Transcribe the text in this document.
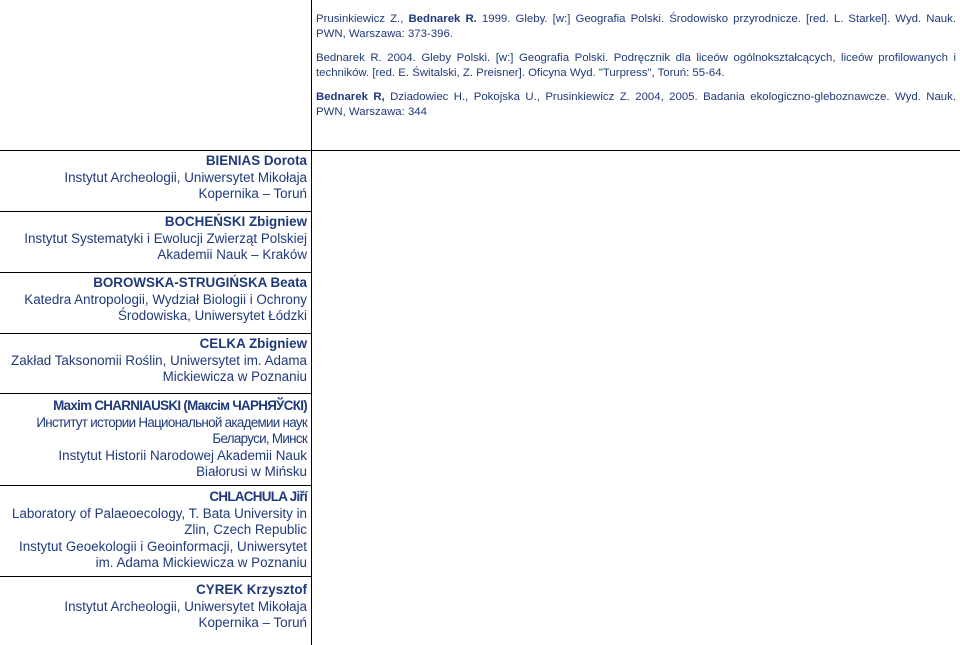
Prusinkiewicz Z., Bednarek R. 1999. Gleby. [w:] Geografia Polski. Środowisko przyrodnicze. [red. L. Starkel]. Wyd. Nauk. PWN, Warszawa: 373-396.

Bednarek R. 2004. Gleby Polski. [w:] Geografia Polski. Podręcznik dla liceów ogólnokształcących, liceów profilowanych i techników. [red. E. Świtalski, Z. Preisner]. Oficyna Wyd. "Turpress", Toruń: 55-64.

Bednarek R, Dziadowiec H., Pokojska U., Prusinkiewicz Z. 2004, 2005. Badania ekologiczno-gleboznawcze. Wyd. Nauk. PWN, Warszawa: 344

BIENIAS Dorota
Instytut Archeologii, Uniwersytet Mikołaja
Kopernika – Toruń
BOCHEŃSKI Zbigniew
Instytut Systematyki i Ewolucji Zwierząt Polskiej
Akademii Nauk – Kraków
BOROWSKA-STRUGIŃSKA Beata
Katedra Antropologii, Wydział Biologii i Ochrony
Środowiska, Uniwersytet Łódzki
CELKA Zbigniew
Zakład Taksonomii Roślin, Uniwersytet im. Adama
Mickiewicza w Poznaniu
Maxim CHARNIAUSKI (Максім ЧАРНЯЎСКІ)
Институт истории Национальной академии наук
Беларуси, Минск
Instytut Historii Narodowej Akademii Nauk
Białorusi w Mińsku
CHLACHULA Jiří
Laboratory of Palaeoecology, T. Bata University in
Zlin, Czech Republic
Instytut Geoekologii i Geoinformacji, Uniwersytet
im. Adama Mickiewicza w Poznaniu
CYREK Krzysztof
Instytut Archeologii, Uniwersytet Mikołaja
Kopernika – Toruń
